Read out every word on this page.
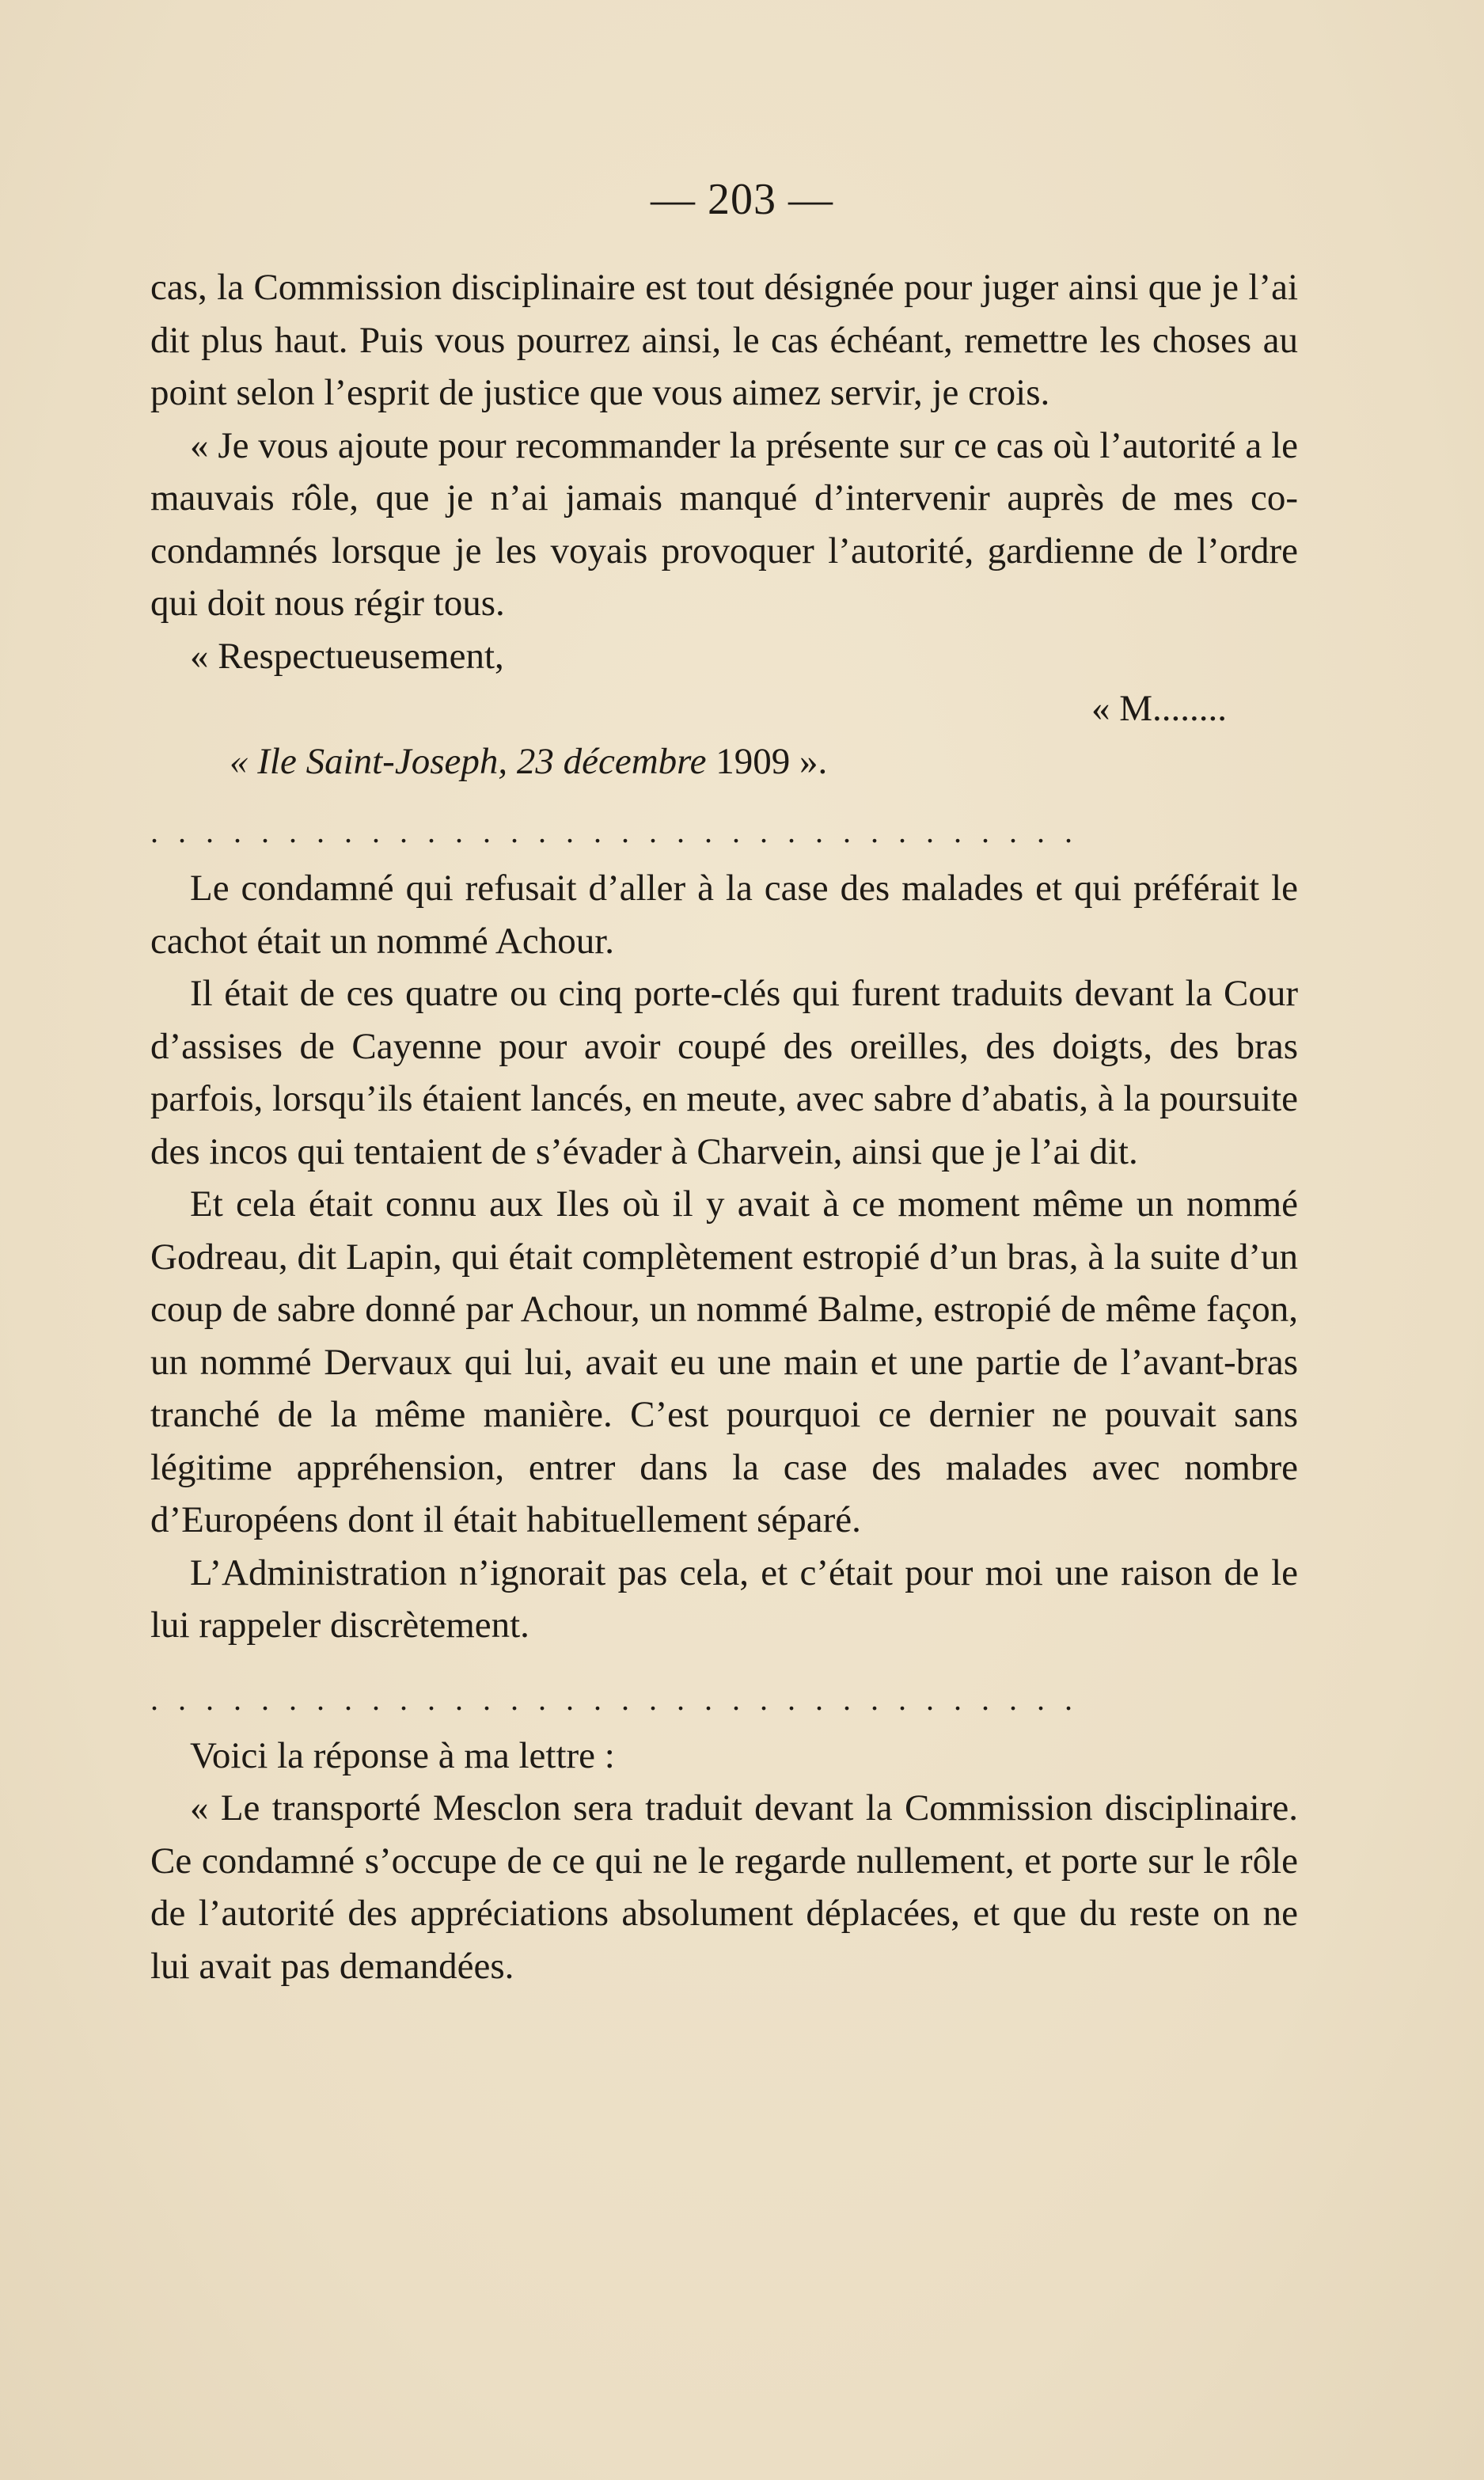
— 203 —

cas, la Commission disciplinaire est tout désignée pour juger ainsi que je l’ai dit plus haut. Puis vous pourrez ainsi, le cas échéant, remettre les choses au point selon l’esprit de justice que vous aimez servir, je crois.

« Je vous ajoute pour recommander la présente sur ce cas où l’autorité a le mauvais rôle, que je n’ai jamais manqué d’intervenir auprès de mes co-condamnés lorsque je les voyais provoquer l’autorité, gardienne de l’ordre qui doit nous régir tous.

« Respectueusement,

« M........

« Ile Saint-Joseph, 23 décembre 1909 ».

..................................

Le condamné qui refusait d’aller à la case des malades et qui préférait le cachot était un nommé Achour.

Il était de ces quatre ou cinq porte-clés qui furent traduits devant la Cour d’assises de Cayenne pour avoir coupé des oreilles, des doigts, des bras parfois, lorsqu’ils étaient lancés, en meute, avec sabre d’abatis, à la poursuite des incos qui tentaient de s’évader à Charvein, ainsi que je l’ai dit.

Et cela était connu aux Iles où il y avait à ce moment même un nommé Godreau, dit Lapin, qui était complètement estropié d’un bras, à la suite d’un coup de sabre donné par Achour, un nommé Balme, estropié de même façon, un nommé Dervaux qui lui, avait eu une main et une partie de l’avant-bras tranché de la même manière. C’est pourquoi ce dernier ne pouvait sans légitime appréhension, entrer dans la case des malades avec nombre d’Européens dont il était habituellement séparé.

L’Administration n’ignorait pas cela, et c’était pour moi une raison de le lui rappeler discrètement.

..................................

Voici la réponse à ma lettre :

« Le transporté Mesclon sera traduit devant la Commission disciplinaire. Ce condamné s’occupe de ce qui ne le regarde nullement, et porte sur le rôle de l’autorité des appréciations absolument déplacées, et que du reste on ne lui avait pas demandées.
